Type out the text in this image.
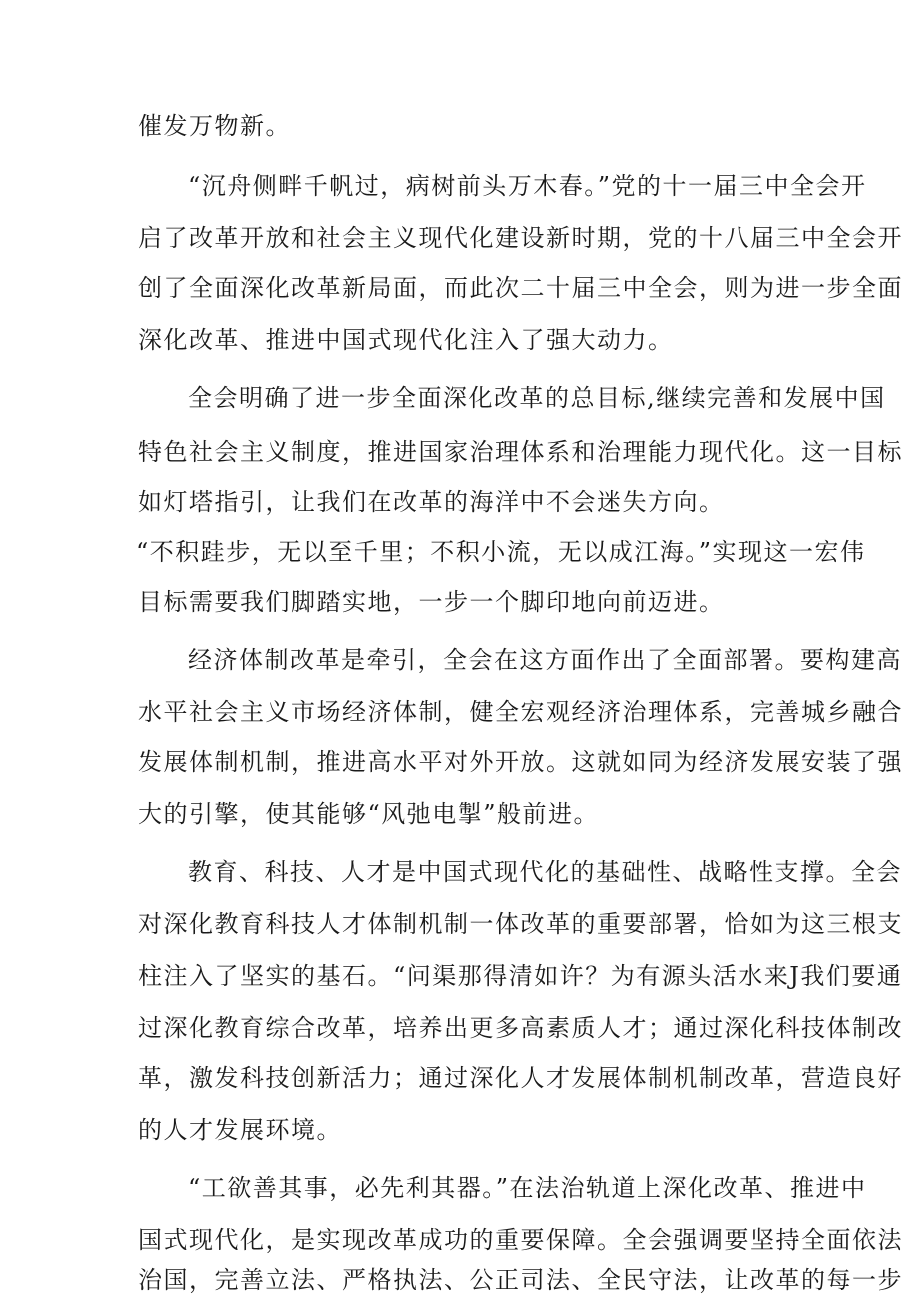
催发万物新。
“沉舟侧畔千帆过，病树前头万木春。”党的十一届三中全会开
启了改革开放和社会主义现代化建设新时期，党的十八届三中全会开
创了全面深化改革新局面，而此次二十届三中全会，则为进一步全面
深化改革、推进中国式现代化注入了强大动力。
全会明确了进一步全面深化改革的总目标,继续完善和发展中国
特色社会主义制度，推进国家治理体系和治理能力现代化。这一目标
如灯塔指引，让我们在改革的海洋中不会迷失方向。
“不积跬步，无以至千里；不积小流，无以成江海。”实现这一宏伟
目标需要我们脚踏实地，一步一个脚印地向前迈进。
经济体制改革是牵引，全会在这方面作出了全面部署。要构建高
水平社会主义市场经济体制，健全宏观经济治理体系，完善城乡融合
发展体制机制，推进高水平对外开放。这就如同为经济发展安装了强
大的引擎，使其能够“风弛电掣”般前进。
教育、科技、人才是中国式现代化的基础性、战略性支撑。全会
对深化教育科技人才体制机制一体改革的重要部署，恰如为这三根支
柱注入了坚实的基石。“问渠那得清如许？为有源头活水来J我们要通
过深化教育综合改革，培养出更多高素质人才；通过深化科技体制改
革，激发科技创新活力；通过深化人才发展体制机制改革，营造良好
的人才发展环境。
“工欲善其事，必先利其器。”在法治轨道上深化改革、推进中
国式现代化，是实现改革成功的重要保障。全会强调要坚持全面依法
治国，完善立法、严格执法、公正司法、全民守法，让改革的每一步
